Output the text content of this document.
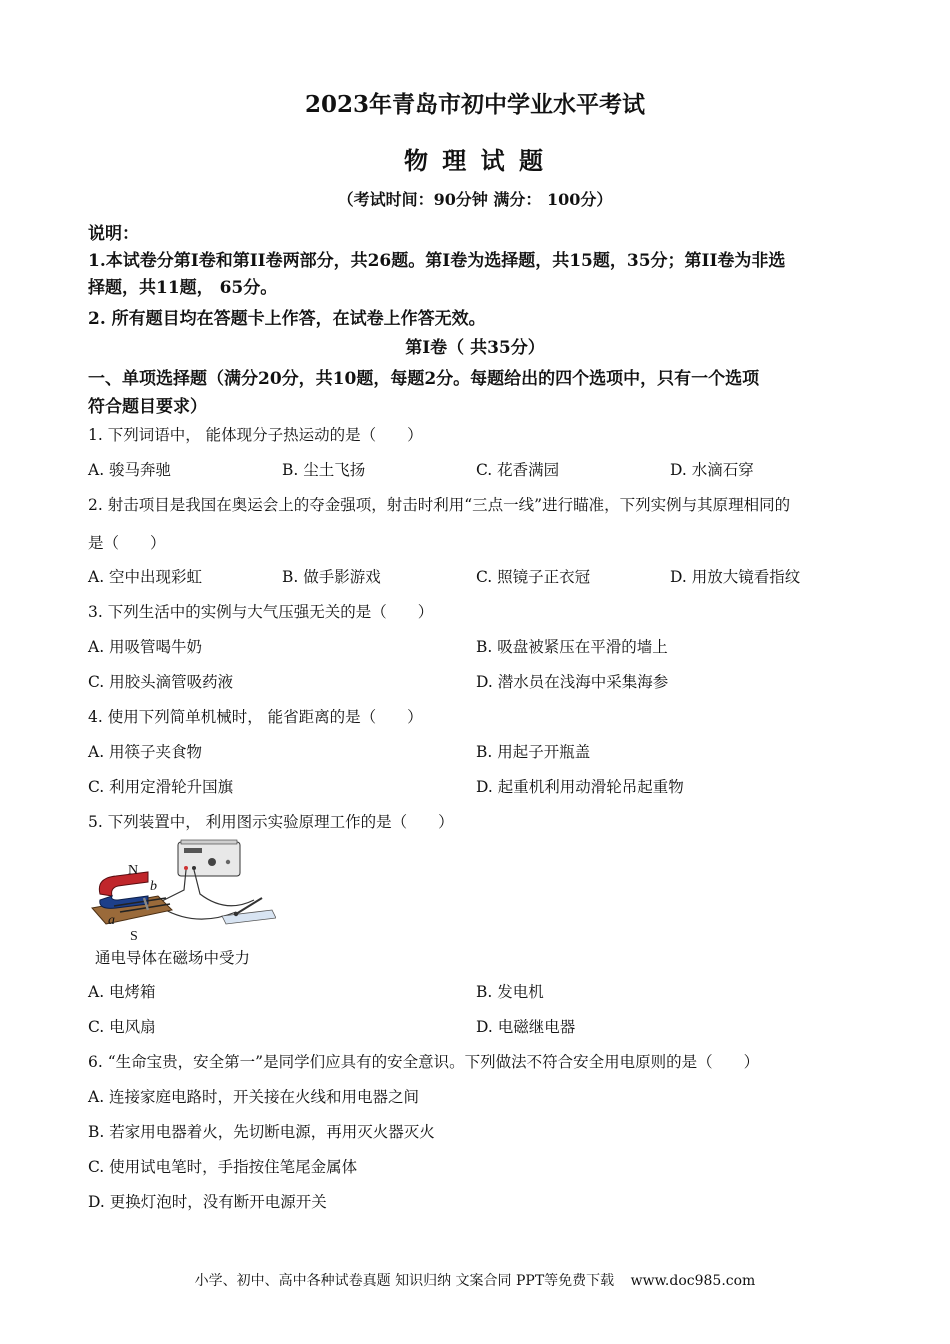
2023年青岛市初中学业水平考试
物 理 试 题
（考试时间：90分钟 满分： 100分）
说明：
1.本试卷分第I卷和第II卷两部分，共26题。第I卷为选择题，共15题，35分；第II卷为非选
择题，共11题， 65分。
2. 所有题目均在答题卡上作答，在试卷上作答无效。
第I卷（ 共35分）
一、单项选择题（满分20分，共10题，每题2分。每题给出的四个选项中，只有一个选项
符合题目要求）
1. 下列词语中， 能体现分子热运动的是（　　）
A. 骏马奔驰	B. 尘土飞扬	C. 花香满园	D. 水滴石穿
2. 射击项目是我国在奥运会上的夺金强项，射击时利用“三点一线”进行瞄准，下列实例与其原理相同的
是（　　）
A. 空中出现彩虹	B. 做手影游戏	C. 照镜子正衣冠	D. 用放大镜看指纹
3. 下列生活中的实例与大气压强无关的是（　　）
A. 用吸管喝牛奶	B. 吸盘被紧压在平滑的墙上
C. 用胶头滴管吸药液	D. 潜水员在浅海中采集海参
4. 使用下列简单机械时， 能省距离的是（　　）
A. 用筷子夹食物	B. 用起子开瓶盖
C. 利用定滑轮升国旗	D. 起重机利用动滑轮吊起重物
5. 下列装置中， 利用图示实验原理工作的是（　　）
N
b
a
S
通电导体在磁场中受力
A. 电烤箱	B. 发电机
C. 电风扇	D. 电磁继电器
6. “生命宝贵，安全第一”是同学们应具有的安全意识。下列做法不符合安全用电原则的是（　　）
A. 连接家庭电路时，开关接在火线和用电器之间
B. 若家用电器着火，先切断电源，再用灭火器灭火
C. 使用试电笔时，手指按住笔尾金属体
D. 更换灯泡时，没有断开电源开关
小学、初中、高中各种试卷真题 知识归纳 文案合同 PPT等免费下载 www.doc985.com
